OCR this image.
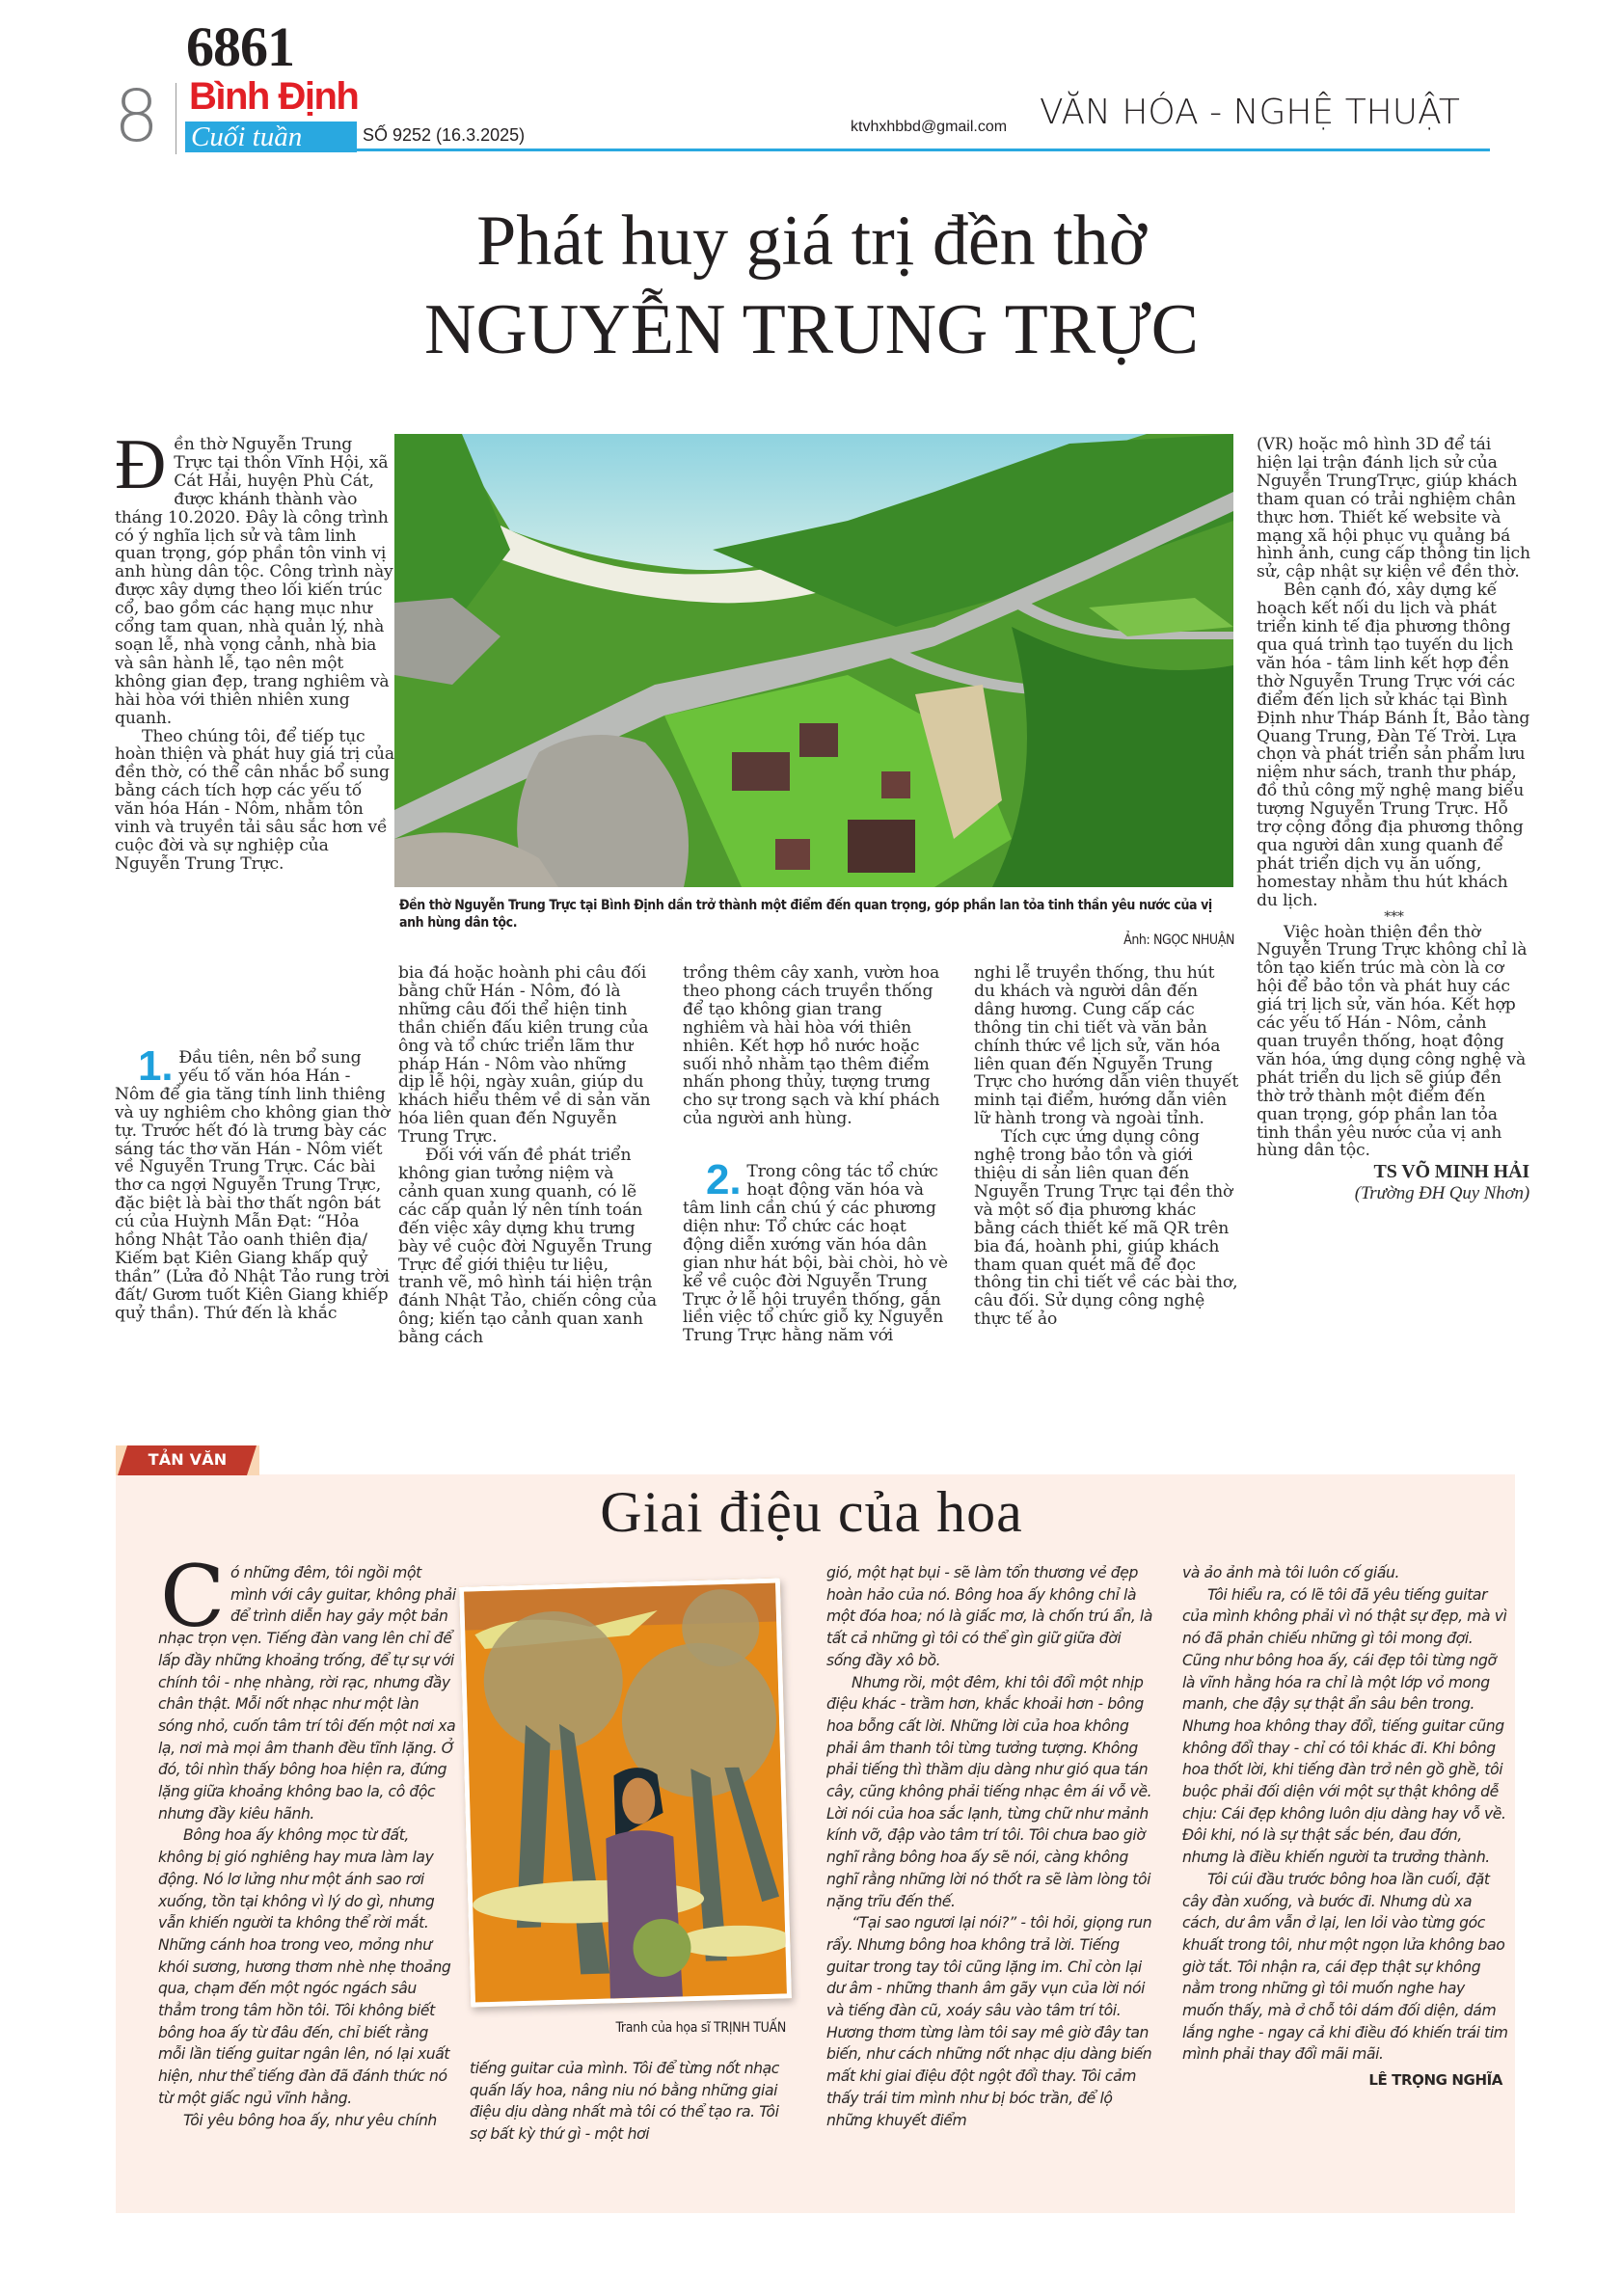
6861
8 Bình Định
Cuối tuần	SỐ 9252 (16.3.2025)	ktvhxhbbd@gmail.com VĂN HÓA - NGHỆ THUẬT
Phát huy giá trị đền thờ
NGUYỄN TRUNG TRỰC

Đền thờ Nguyễn Trung Trực tại thôn Vĩnh Hội, xã Cát Hải, huyện Phù Cát, được khánh thành vào tháng 10.2020. Đây là công trình có ý nghĩa lịch sử và tâm linh quan trọng, góp phần tôn vinh vị anh hùng dân tộc. Công trình này được xây dựng theo lối kiến trúc cổ, bao gồm các hạng mục như cổng tam quan, nhà quản lý, nhà soạn lễ, nhà vọng cảnh, nhà bia và sân hành lễ, tạo nên một không gian đẹp, trang nghiêm và hài hòa với thiên nhiên xung quanh.

Theo chúng tôi, để tiếp tục hoàn thiện và phát huy giá trị của đền thờ, có thể cân nhắc bổ sung bằng cách tích hợp các yếu tố văn hóa Hán - Nôm, nhằm tôn vinh và truyền tải sâu sắc hơn về cuộc đời và sự nghiệp của Nguyễn Trung Trực.

1. Đầu tiên, nên bổ sung yếu tố văn hóa Hán - Nôm để gia tăng tính linh thiêng và uy nghiêm cho không gian thờ tự. Trước hết đó là trưng bày các sáng tác thơ văn Hán - Nôm viết về Nguyễn Trung Trực. Các bài thơ ca ngợi Nguyễn Trung Trực, đặc biệt là bài thơ thất ngôn bát cú của Huỳnh Mẫn Đạt: “Hỏa hồng Nhật Tảo oanh thiên địa/ Kiếm bạt Kiên Giang khấp quỷ thần” (Lửa đỏ Nhật Tảo rung trời đất/ Gươm tuốt Kiên Giang khiếp quỷ thần). Thứ đến là khắc

Đền thờ Nguyễn Trung Trực tại Bình Định dần trở thành một điểm đến quan trọng, góp phần lan tỏa tinh thần yêu nước của vị anh hùng dân tộc.
Ảnh: NGỌC NHUẬN

bia đá hoặc hoành phi câu đối bằng chữ Hán - Nôm, đó là những câu đối thể hiện tinh thần chiến đấu kiên trung của ông và tổ chức triển lãm thư pháp Hán - Nôm vào những dịp lễ hội, ngày xuân, giúp du khách hiểu thêm về di sản văn hóa liên quan đến Nguyễn Trung Trực.

Đối với vấn đề phát triển không gian tưởng niệm và cảnh quan xung quanh, có lẽ các cấp quản lý nên tính toán đến việc xây dựng khu trưng bày về cuộc đời Nguyễn Trung Trực để giới thiệu tư liệu, tranh vẽ, mô hình tái hiện trận đánh Nhật Tảo, chiến công của ông; kiến tạo cảnh quan xanh bằng cách

trồng thêm cây xanh, vườn hoa theo phong cách truyền thống để tạo không gian trang nghiêm và hài hòa với thiên nhiên. Kết hợp hồ nước hoặc suối nhỏ nhằm tạo thêm điểm nhấn phong thủy, tượng trưng cho sự trong sạch và khí phách của người anh hùng.

2. Trong công tác tổ chức hoạt động văn hóa và tâm linh cần chú ý các phương diện như: Tổ chức các hoạt động diễn xướng văn hóa dân gian như hát bội, bài chòi, hò vè kể về cuộc đời Nguyễn Trung Trực ở lễ hội truyền thống, gắn liền việc tổ chức giỗ kỵ Nguyễn Trung Trực hằng năm với

nghi lễ truyền thống, thu hút du khách và người dân đến dâng hương. Cung cấp các thông tin chi tiết và văn bản chính thức về lịch sử, văn hóa liên quan đến Nguyễn Trung Trực cho hướng dẫn viên thuyết minh tại điểm, hướng dẫn viên lữ hành trong và ngoài tỉnh.

Tích cực ứng dụng công nghệ trong bảo tồn và giới thiệu di sản liên quan đến Nguyễn Trung Trực tại đền thờ và một số địa phương khác bằng cách thiết kế mã QR trên bia đá, hoành phi, giúp khách tham quan quét mã để đọc thông tin chi tiết về các bài thơ, câu đối. Sử dụng công nghệ thực tế ảo

(VR) hoặc mô hình 3D để tái hiện lại trận đánh lịch sử của Nguyễn TrungTrực, giúp khách tham quan có trải nghiệm chân thực hơn. Thiết kế website và mạng xã hội phục vụ quảng bá hình ảnh, cung cấp thông tin lịch sử, cập nhật sự kiện về đền thờ.

Bên cạnh đó, xây dựng kế hoạch kết nối du lịch và phát triển kinh tế địa phương thông qua quá trình tạo tuyến du lịch văn hóa - tâm linh kết hợp đền thờ Nguyễn Trung Trực với các điểm đến lịch sử khác tại Bình Định như Tháp Bánh Ít, Bảo tàng Quang Trung, Đàn Tế Trời. Lựa chọn và phát triển sản phẩm lưu niệm như sách, tranh thư pháp, đồ thủ công mỹ nghệ mang biểu tượng Nguyễn Trung Trực. Hỗ trợ cộng đồng địa phương thông qua người dân xung quanh để phát triển dịch vụ ăn uống, homestay nhằm thu hút khách du lịch.

***

Việc hoàn thiện đền thờ Nguyễn Trung Trực không chỉ là tôn tạo kiến trúc mà còn là cơ hội để bảo tồn và phát huy các giá trị lịch sử, văn hóa. Kết hợp các yếu tố Hán - Nôm, cảnh quan truyền thống, hoạt động văn hóa, ứng dụng công nghệ và phát triển du lịch sẽ giúp đền thờ trở thành một điểm đến quan trọng, góp phần lan tỏa tinh thần yêu nước của vị anh hùng dân tộc.

TS VÕ MINH HẢI
(Trường ĐH Quy Nhơn)
TẢN VĂN
Giai điệu của hoa

Có những đêm, tôi ngồi một mình với cây guitar, không phải để trình diễn hay gảy một bản nhạc trọn vẹn. Tiếng đàn vang lên chỉ để lấp đầy những khoảng trống, để tự sự với chính tôi - nhẹ nhàng, rời rạc, nhưng đầy chân thật. Mỗi nốt nhạc như một làn sóng nhỏ, cuốn tâm trí tôi đến một nơi xa lạ, nơi mà mọi âm thanh đều tĩnh lặng. Ở đó, tôi nhìn thấy bông hoa hiện ra, đứng lặng giữa khoảng không bao la, cô độc nhưng đầy kiêu hãnh.

Bông hoa ấy không mọc từ đất, không bị gió nghiêng hay mưa làm lay động. Nó lơ lửng như một ánh sao rơi xuống, tồn tại không vì lý do gì, nhưng vẫn khiến người ta không thể rời mắt. Những cánh hoa trong veo, mỏng như khói sương, hương thơm nhè nhẹ thoảng qua, chạm đến một ngóc ngách sâu thẳm trong tâm hồn tôi. Tôi không biết bông hoa ấy từ đâu đến, chỉ biết rằng mỗi lần tiếng guitar ngân lên, nó lại xuất hiện, như thể tiếng đàn đã đánh thức nó từ một giấc ngủ vĩnh hằng.

Tôi yêu bông hoa ấy, như yêu chính

Tranh của họa sĩ TRỊNH TUẤN

tiếng guitar của mình. Tôi để từng nốt nhạc quấn lấy hoa, nâng niu nó bằng những giai điệu dịu dàng nhất mà tôi có thể tạo ra. Tôi sợ bất kỳ thứ gì - một hơi

gió, một hạt bụi - sẽ làm tổn thương vẻ đẹp hoàn hảo của nó. Bông hoa ấy không chỉ là một đóa hoa; nó là giấc mơ, là chốn trú ẩn, là tất cả những gì tôi có thể gìn giữ giữa đời sống đầy xô bồ.

Nhưng rồi, một đêm, khi tôi đổi một nhịp điệu khác - trầm hơn, khắc khoải hơn - bông hoa bỗng cất lời. Những lời của hoa không phải âm thanh tôi từng tưởng tượng. Không phải tiếng thì thầm dịu dàng như gió qua tán cây, cũng không phải tiếng nhạc êm ái vỗ về. Lời nói của hoa sắc lạnh, từng chữ như mảnh kính vỡ, đập vào tâm trí tôi. Tôi chưa bao giờ nghĩ rằng bông hoa ấy sẽ nói, càng không nghĩ rằng những lời nó thốt ra sẽ làm lòng tôi nặng trĩu đến thế.

“Tại sao ngươi lại nói?” - tôi hỏi, giọng run rẩy. Nhưng bông hoa không trả lời. Tiếng guitar trong tay tôi cũng lặng im. Chỉ còn lại dư âm - những thanh âm gãy vụn của lời nói và tiếng đàn cũ, xoáy sâu vào tâm trí tôi. Hương thơm từng làm tôi say mê giờ đây tan biến, như cách những nốt nhạc dịu dàng biến mất khi giai điệu đột ngột đổi thay. Tôi cảm thấy trái tim mình như bị bóc trần, để lộ những khuyết điểm

và ảo ảnh mà tôi luôn cố giấu.

Tôi hiểu ra, có lẽ tôi đã yêu tiếng guitar của mình không phải vì nó thật sự đẹp, mà vì nó đã phản chiếu những gì tôi mong đợi. Cũng như bông hoa ấy, cái đẹp tôi từng ngỡ là vĩnh hằng hóa ra chỉ là một lớp vỏ mong manh, che đậy sự thật ẩn sâu bên trong. Nhưng hoa không thay đổi, tiếng guitar cũng không đổi thay - chỉ có tôi khác đi. Khi bông hoa thốt lời, khi tiếng đàn trở nên gồ ghề, tôi buộc phải đối diện với một sự thật không dễ chịu: Cái đẹp không luôn dịu dàng hay vỗ về. Đôi khi, nó là sự thật sắc bén, đau đớn, nhưng là điều khiến người ta trưởng thành.

Tôi cúi đầu trước bông hoa lần cuối, đặt cây đàn xuống, và bước đi. Nhưng dù xa cách, dư âm vẫn ở lại, len lỏi vào từng góc khuất trong tôi, như một ngọn lửa không bao giờ tắt. Tôi nhận ra, cái đẹp thật sự không nằm trong những gì tôi muốn nghe hay muốn thấy, mà ở chỗ tôi dám đối diện, dám lắng nghe - ngay cả khi điều đó khiến trái tim mình phải thay đổi mãi mãi.

LÊ TRỌNG NGHĨA
